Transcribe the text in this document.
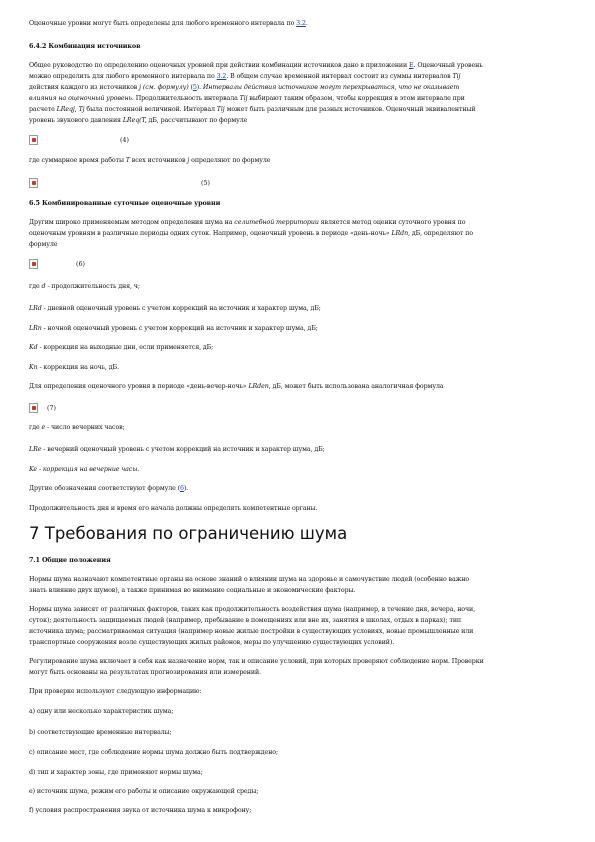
Оценочные уровни могут быть определены для любого временного интервала по 3.2.
6.4.2 Комбинация источников
Общее руководство по определению оценочных уровней при действии комбинации источников дано в приложении Е. Оценочный уровень
можно определить для любого временного интервала по 3.2. В общем случае временной интервал состоит из суммы интервалов Tij
действия каждого из источников j (см. формулу) (5). Интервалы действия источников могут перекрываться, что не оказывает
влияния на оценочный уровень. Продолжительность интервала Tij выбирают таким образом, чтобы коррекция в этом интервале при
расчете LReqj, Tj была постоянной величиной. Интервал Tij может быть различным для разных источников. Оценочный эквивалентный
уровень звукового давления LReq(T, дБ, рассчитывают по формуле
(4)
где суммарное время работы T всех источников j определяют по формуле
(5)
6.5 Комбинированные суточные оценочные уровни
Другим широко применяемым методом определения шума на селитебной территории является метод оценки суточного уровня по
оценочным уровням в различные периоды одних суток. Например, оценочный уровень в периоде «день-ночь» LRdn, дБ, определяют по
формуле
(6)
где d - продолжительность дня, ч;
LRd - дневной оценочный уровень с учетом коррекций на источник и характер шума, дБ;
LRn - ночной оценочный уровень с учетом коррекций на источник и характер шума, дБ;
Kd - коррекция на выходные дни, если применяется, дБ;
Kn - коррекция на ночь, дБ.
Для определения оценочного уровня в периоде «день-вечер-ночь» LRden, дБ, может быть использована аналогичная формула
(7)
где e - число вечерних часов;
LRe - вечерний оценочный уровень с учетом коррекций на источник и характер шума, дБ;
Ke - коррекция на вечерние часы.
Другие обозначения соответствуют формуле (6).
Продолжительность дня и время его начала должны определять компетентные органы.
7 Требования по ограничению шума
7.1 Общие положения
Нормы шума назначают компетентные органы на основе знаний о влиянии шума на здоровье и самочувствие людей (особенно важно
знать влияние двух шумов), а также принимая во внимание социальные и экономические факторы.
Нормы шума зависят от различных факторов, таких как продолжительность воздействия шума (например, в течение дня, вечера, ночи,
суток); деятельность защищаемых людей (например, пребывание в помещениях или вне их, занятия в школах, отдых в парках); тип
источника шума; рассматриваемая ситуация (например новые жилые постройки в существующих условиях, новые промышленные или
транспортные сооружения возле существующих жилых районов, меры по улучшению существующих условий).
Регулирование шума включает в себя как назначение норм, так и описание условий, при которых проверяют соблюдение норм. Проверки
могут быть основаны на результатах прогнозирования или измерений.
При проверке используют следующую информацию:
а) одну или несколько характеристик шума;
b) соответствующие временные интервалы;
с) описание мест, где соблюдение нормы шума должно быть подтверждено;
d) тип и характер зоны, где применяют нормы шума;
e) источник шума, режим его работы и описание окружающей среды;
f) условия распространения звука от источника шума к микрофону;
